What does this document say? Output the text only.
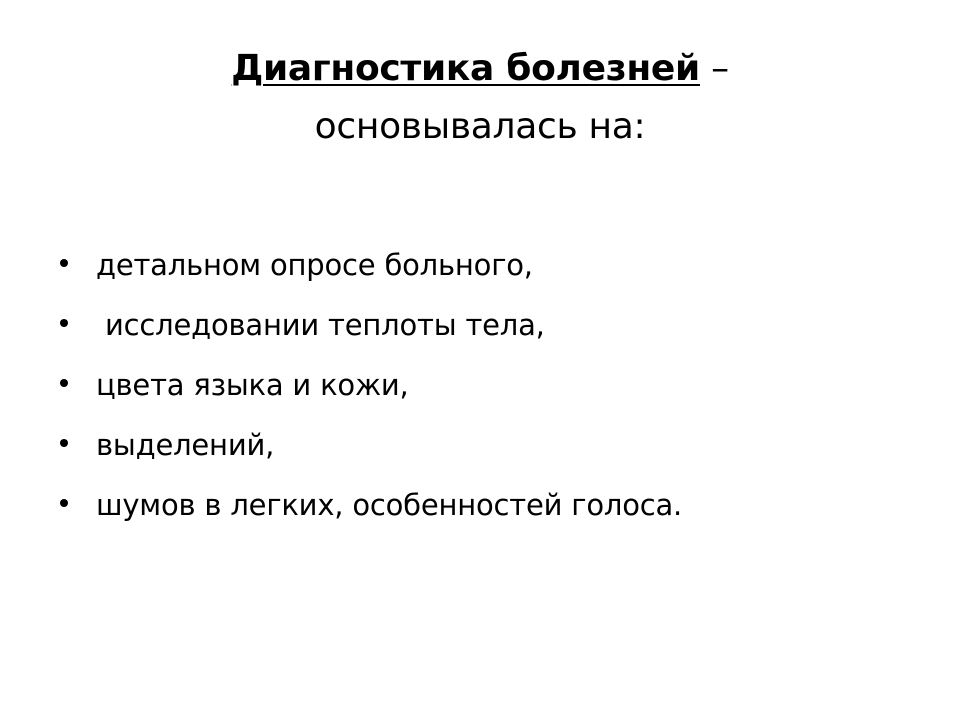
Диагностика болезней –
основывалась на:
детальном опросе больного,
исследовании теплоты тела,
цвета языка и кожи,
выделений,
шумов в легких, особенностей голоса.
